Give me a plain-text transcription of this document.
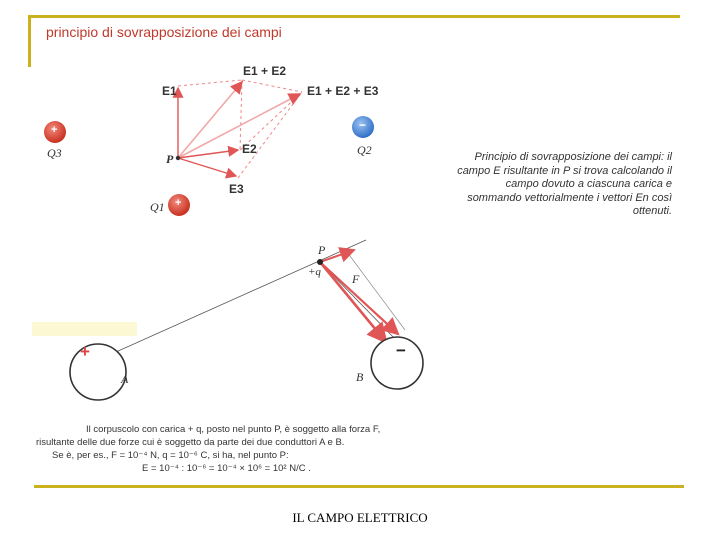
principio di sovrapposizione dei campi
E1
E1 + E2
E1 + E2 + E3
P
E2
E3
Q3	Q2
Q1
+	−
+
Principio di sovrapposizione dei campi: il campo E risultante in P si trova calcolando il campo dovuto a ciascuna carica e sommando vettorialmente i vettori En così ottenuti.
P
+q	F
A	B
+	−
Il corpuscolo con carica + q, posto nel punto P, è soggetto alla forza F,
risultante delle due forze cui è soggetto da parte dei due conduttori A e B.
Se è, per es., F = 10⁻⁴ N, q = 10⁻⁶ C, si ha, nel punto P:
E = 10⁻⁴ : 10⁻⁶ = 10⁻⁴ × 10⁶ = 10² N/C .
IL CAMPO ELETTRICO
